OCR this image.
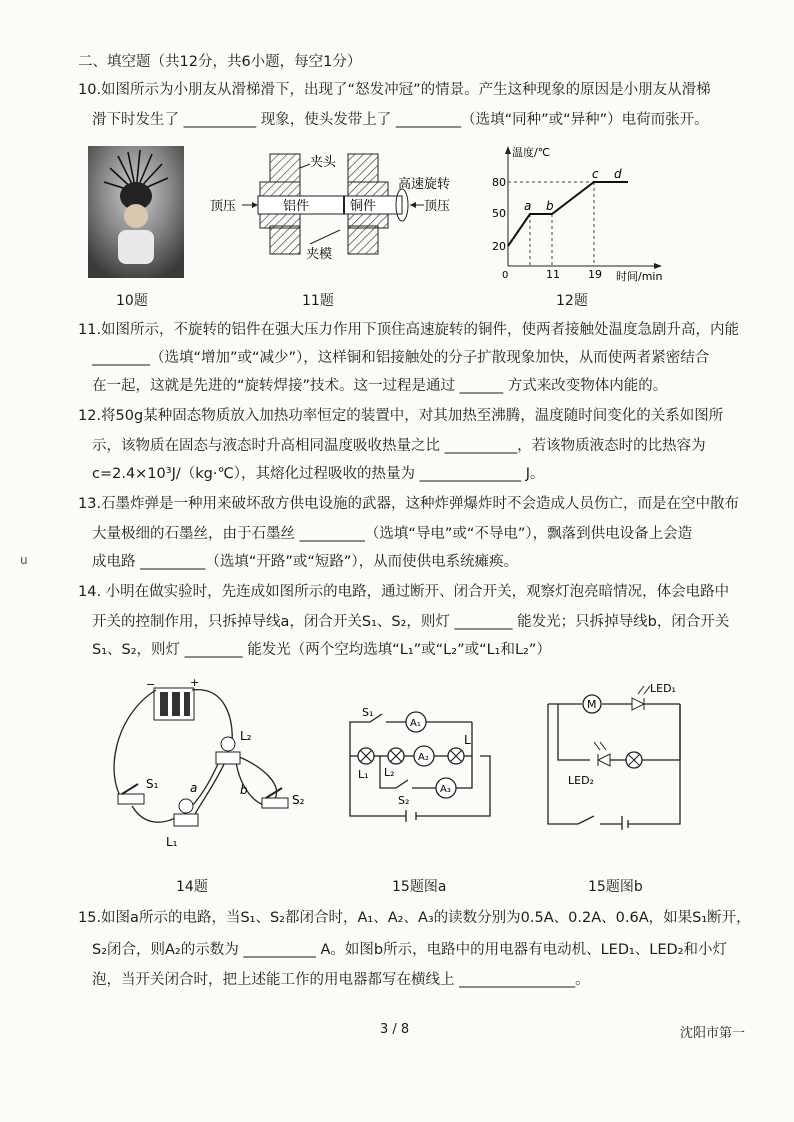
二、填空题（共12分，共6小题，每空1分）
10.如图所示为小朋友从滑梯滑下，出现了“怒发冲冠”的情景。产生这种现象的原因是小朋友从滑梯
滑下时发生了 __________ 现象，使头发带上了 _________（选填“同种”或“异种”）电荷而张开。
铝件	铜件
顶压	顶压
高速旋转
夹头
夹模
温度/℃
时间/min
80
50
20
0	11	19
a b
c d
10题	11题	12题
11.如图所示，不旋转的铝件在强大压力作用下顶住高速旋转的铜件，使两者接触处温度急剧升高，内能
________（选填“增加”或“减少”），这样铜和铝接触处的分子扩散现象加快，从而使两者紧密结合
在一起，这就是先进的“旋转焊接”技术。这一过程是通过 ______ 方式来改变物体内能的。
12.将50g某种固态物质放入加热功率恒定的装置中，对其加热至沸腾，温度随时间变化的关系如图所
示，该物质在固态与液态时升高相同温度吸收热量之比 __________，若该物质液态时的比热容为
c=2.4×10³J/（kg·℃），其熔化过程吸收的热量为 ______________ J。
13.石墨炸弹是一种用来破坏敌方供电设施的武器，这种炸弹爆炸时不会造成人员伤亡，而是在空中散布
大量极细的石墨丝，由于石墨丝 _________（选填“导电”或“不导电”），飘落到供电设备上会造
成电路 _________（选填“开路”或“短路”），从而使供电系统瘫痪。
u
14. 小明在做实验时，先连成如图所示的电路，通过断开、闭合开关，观察灯泡亮暗情况，体会电路中
开关的控制作用，只拆掉导线a，闭合开关S₁、S₂，则灯 ________ 能发光；只拆掉导线b，闭合开关
S₁、S₂，则灯 ________ 能发光（两个空均选填“L₁”或“L₂”或“L₁和L₂”）
−	+
L₂
L₁
S₁
S₂
a	b
A₁
A₂
A₃
S₁
S₂
L₁ L₂
L
M
LED₁
LED₂
14题	15题图a	15题图b
15.如图a所示的电路，当S₁、S₂都闭合时，A₁、A₂、A₃的读数分别为0.5A、0.2A、0.6A，如果S₁断开，
S₂闭合，则A₂的示数为 __________ A。如图b所示，电路中的用电器有电动机、LED₁、LED₂和小灯
泡，当开关闭合时，把上述能工作的用电器都写在横线上 ________________。
3 / 8	沈阳市第一
